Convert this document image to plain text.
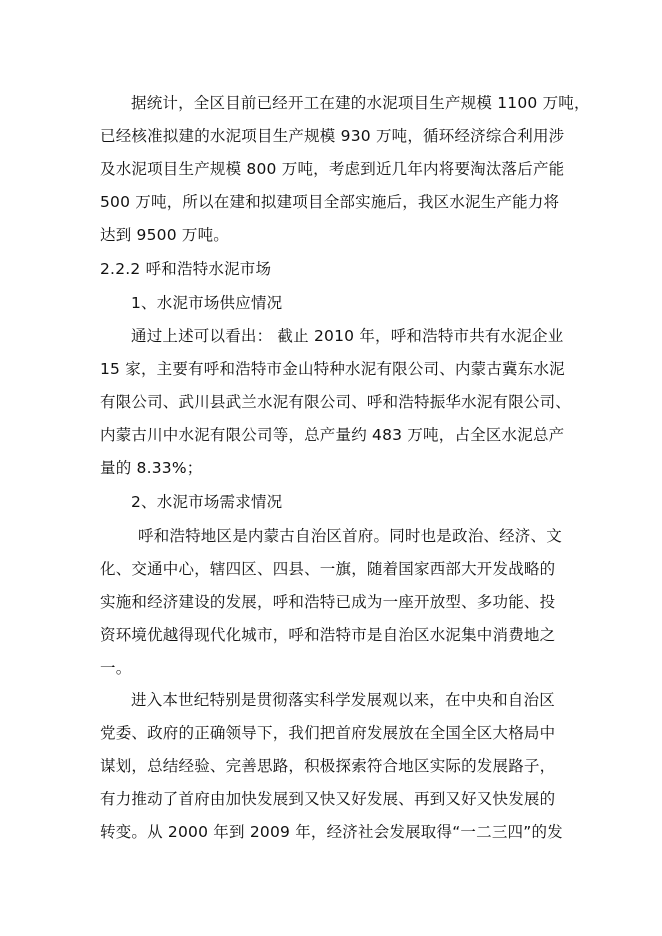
据统计，全区目前已经开工在建的水泥项目生产规模 1100 万吨，
已经核准拟建的水泥项目生产规模 930 万吨，循环经济综合利用涉
及水泥项目生产规模 800 万吨，考虑到近几年内将要淘汰落后产能
500 万吨，所以在建和拟建项目全部实施后，我区水泥生产能力将
达到 9500 万吨。
2.2.2 呼和浩特水泥市场
1、水泥市场供应情况
通过上述可以看出： 截止 2010 年，呼和浩特市共有水泥企业
15 家，主要有呼和浩特市金山特种水泥有限公司、内蒙古冀东水泥
有限公司、武川县武兰水泥有限公司、呼和浩特振华水泥有限公司、
内蒙古川中水泥有限公司等，总产量约 483 万吨，占全区水泥总产
量的 8.33%；
2、水泥市场需求情况
呼和浩特地区是内蒙古自治区首府。同时也是政治、经济、文
化、交通中心，辖四区、四县、一旗，随着国家西部大开发战略的
实施和经济建设的发展，呼和浩特已成为一座开放型、多功能、投
资环境优越得现代化城市，呼和浩特市是自治区水泥集中消费地之
一。
进入本世纪特别是贯彻落实科学发展观以来，在中央和自治区
党委、政府的正确领导下，我们把首府发展放在全国全区大格局中
谋划，总结经验、完善思路，积极探索符合地区实际的发展路子，
有力推动了首府由加快发展到又快又好发展、再到又好又快发展的
转变。从 2000 年到 2009 年，经济社会发展取得“一二三四”的发
